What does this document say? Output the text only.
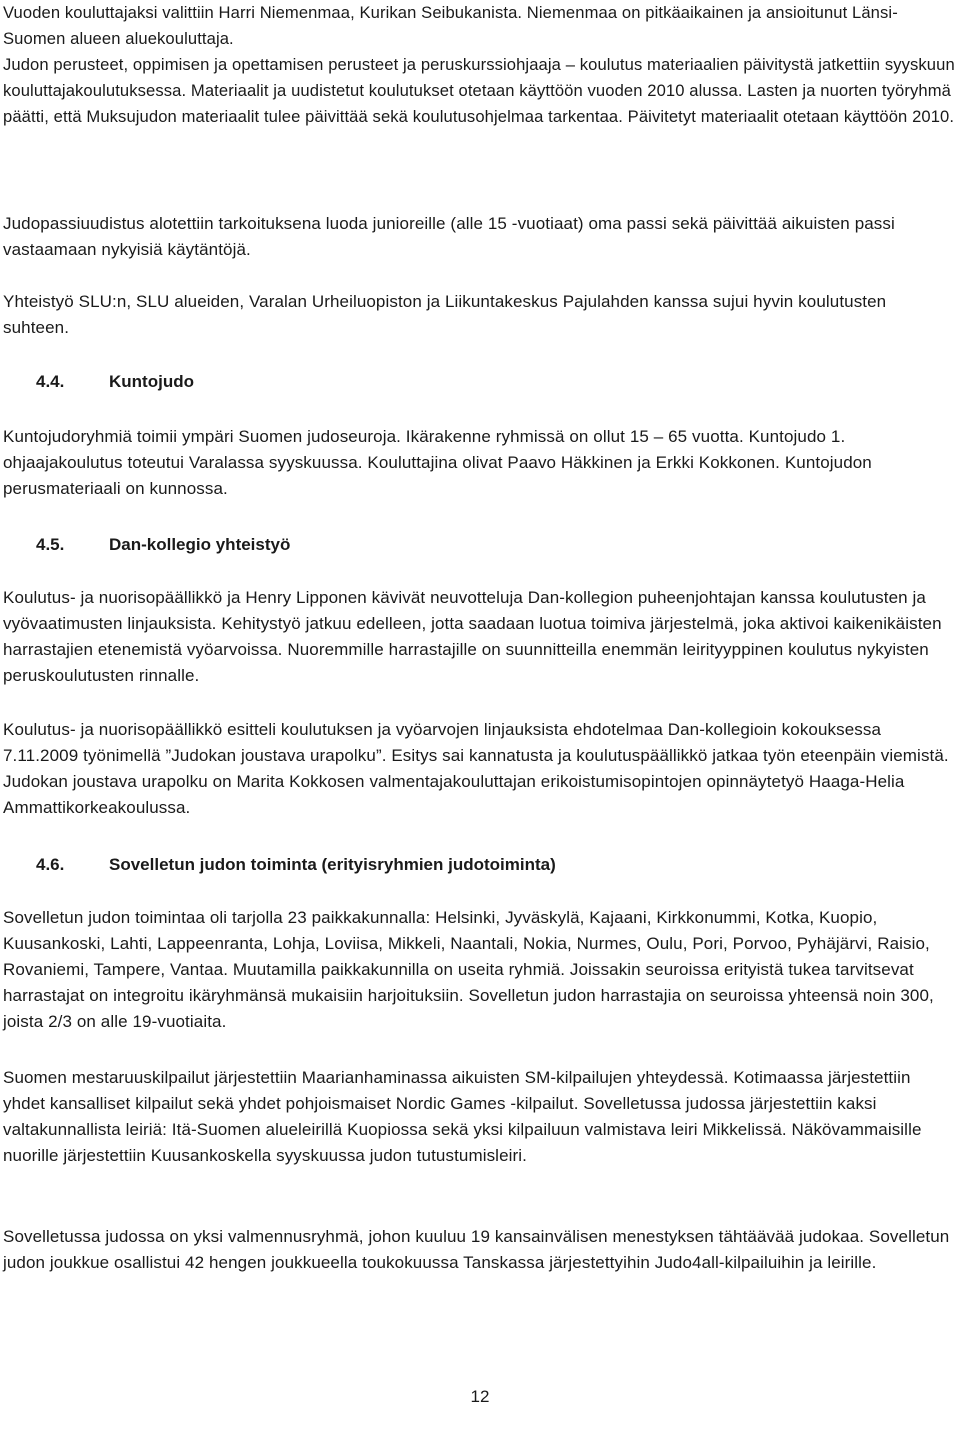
Vuoden kouluttajaksi valittiin Harri Niemenmaa, Kurikan Seibukanista. Niemenmaa on pitkäaikainen ja ansioitunut Länsi-Suomen alueen aluekouluttaja.

Judon perusteet, oppimisen ja opettamisen perusteet ja peruskurssiohjaaja – koulutus materiaalien päivitystä jatkettiin syyskuun kouluttajakoulutuksessa. Materiaalit ja uudistetut koulutukset otetaan käyttöön vuoden 2010 alussa. Lasten ja nuorten työryhmä päätti, että Muksujudon materiaalit tulee päivittää sekä koulutusohjelmaa tarkentaa. Päivitetyt materiaalit otetaan käyttöön 2010.

Judopassiuudistus alotettiin tarkoituksena luoda junioreille (alle 15 -vuotiaat) oma passi sekä päivittää aikuisten passi vastaamaan nykyisiä käytäntöjä.

Yhteistyö SLU:n, SLU alueiden, Varalan Urheiluopiston ja Liikuntakeskus Pajulahden kanssa sujui hyvin koulutusten suhteen.

4.4.	Kuntojudo

Kuntojudoryhmiä toimii ympäri Suomen judoseuroja. Ikärakenne ryhmissä on ollut 15 – 65 vuotta. Kuntojudo 1. ohjaajakoulutus toteutui Varalassa syyskuussa. Kouluttajina olivat Paavo Häkkinen ja Erkki Kokkonen. Kuntojudon perusmateriaali on kunnossa.

4.5.	Dan-kollegio yhteistyö

Koulutus- ja nuorisopäällikkö ja Henry Lipponen kävivät neuvotteluja Dan-kollegion puheenjohtajan kanssa koulutusten ja vyövaatimusten linjauksista. Kehitystyö jatkuu edelleen, jotta saadaan luotua toimiva järjestelmä, joka aktivoi kaikenikäisten harrastajien etenemistä vyöarvoissa. Nuoremmille harrastajille on suunnitteilla enemmän leirityyppinen koulutus nykyisten peruskoulutusten rinnalle.

Koulutus- ja nuorisopäällikkö esitteli koulutuksen ja vyöarvojen linjauksista ehdotelmaa Dan-kollegioin kokouksessa 7.11.2009 työnimellä ”Judokan joustava urapolku”. Esitys sai kannatusta ja koulutuspäällikkö jatkaa työn eteenpäin viemistä. Judokan joustava urapolku on Marita Kokkosen valmentajakouluttajan erikoistumisopintojen opinnäytetyö Haaga-Helia Ammattikorkeakoulussa.

4.6.	Sovelletun judon toiminta (erityisryhmien judotoiminta)

Sovelletun judon toimintaa oli tarjolla 23 paikkakunnalla: Helsinki, Jyväskylä, Kajaani, Kirkkonummi, Kotka, Kuopio, Kuusankoski, Lahti, Lappeenranta, Lohja, Loviisa, Mikkeli, Naantali, Nokia, Nurmes, Oulu, Pori, Porvoo, Pyhäjärvi, Raisio, Rovaniemi, Tampere, Vantaa. Muutamilla paikkakunnilla on useita ryhmiä. Joissakin seuroissa erityistä tukea tarvitsevat harrastajat on integroitu ikäryhmänsä mukaisiin harjoituksiin. Sovelletun judon harrastajia on seuroissa yhteensä noin 300, joista 2/3 on alle 19-vuotiaita.

Suomen mestaruuskilpailut järjestettiin Maarianhaminassa aikuisten SM-kilpailujen yhteydessä. Kotimaassa järjestettiin yhdet kansalliset kilpailut sekä yhdet pohjoismaiset Nordic Games -kilpailut. Sovelletussa judossa järjestettiin kaksi valtakunnallista leiriä: Itä-Suomen alueleirillä Kuopiossa sekä yksi kilpailuun valmistava leiri Mikkelissä. Näkövammaisille nuorille järjestettiin Kuusankoskella syyskuussa judon tutustumisleiri.

Sovelletussa judossa on yksi valmennusryhmä, johon kuuluu 19 kansainvälisen menestyksen tähtäävää judokaa. Sovelletun judon joukkue osallistui 42 hengen joukkueella toukokuussa Tanskassa järjestettyihin Judo4all-kilpailuihin ja leirille.

12
